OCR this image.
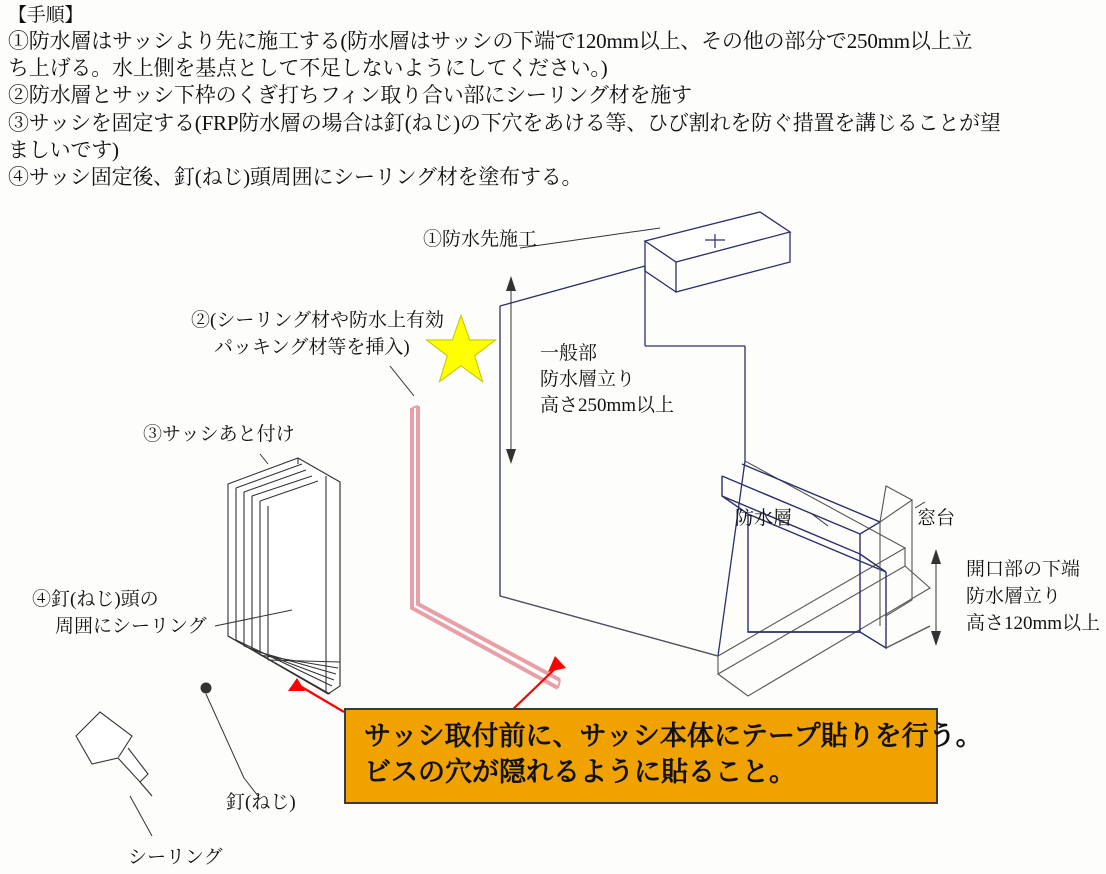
【手順】
①防水層はサッシより先に施工する(防水層はサッシの下端で120mm以上、その他の部分で250mm以上立
ち上げる。水上側を基点として不足しないようにしてください。)
②防水層とサッシ下枠のくぎ打ちフィン取り合い部にシーリング材を施す
③サッシを固定する(FRP防水層の場合は釘(ねじ)の下穴をあける等、ひび割れを防ぐ措置を講じることが望
ましいです)
④サッシ固定後、釘(ねじ)頭周囲にシーリング材を塗布する。
①防水先施工
②(シーリング材や防水上有効
パッキング材等を挿入)
③サッシあと付け
④釘(ねじ)頭の
周囲にシーリング
一般部
防水層立り
高さ250mm以上
防水層	窓台
開口部の下端
防水層立り
高さ120mm以上
釘(ねじ)
シーリング
サッシ取付前に、サッシ本体にテープ貼りを行う。
ビスの穴が隠れるように貼ること。
